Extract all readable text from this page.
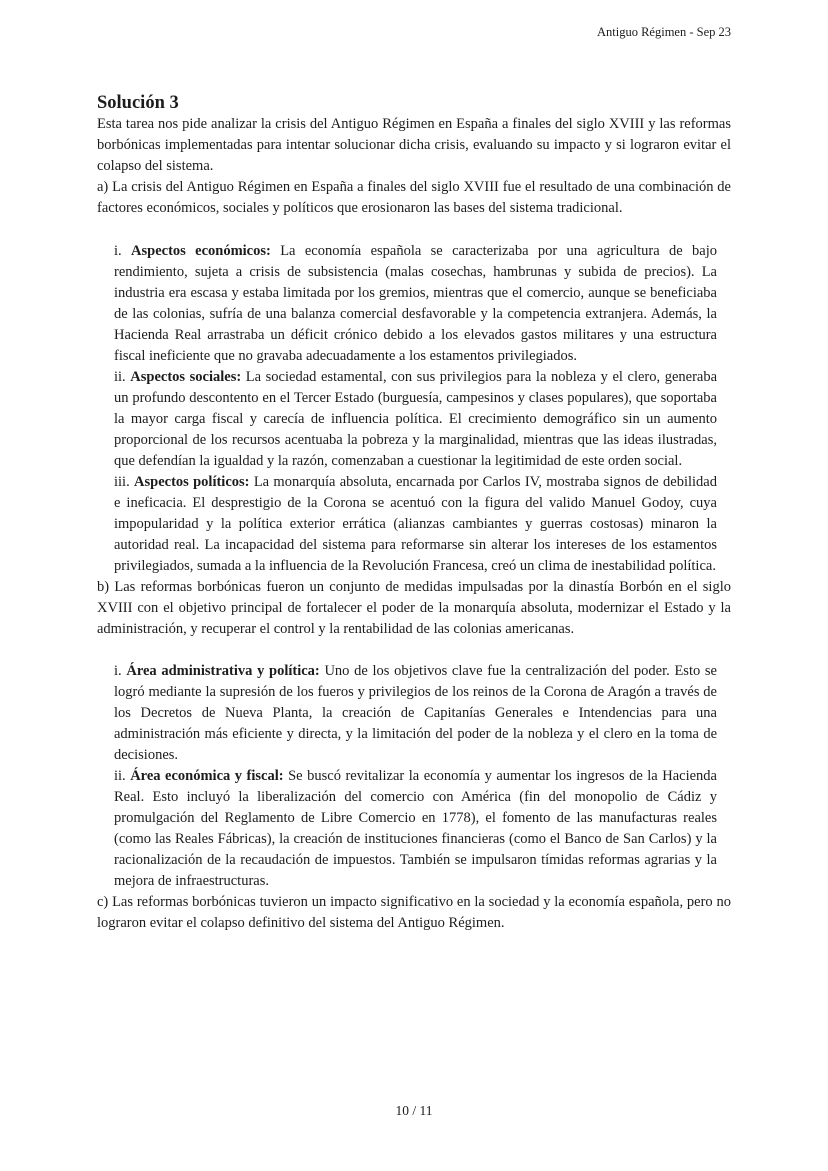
Antiguo Régimen - Sep 23
Solución 3

Esta tarea nos pide analizar la crisis del Antiguo Régimen en España a finales del siglo XVIII y las reformas borbónicas implementadas para intentar solucionar dicha crisis, evaluando su impacto y si lograron evitar el colapso del sistema.

a) La crisis del Antiguo Régimen en España a finales del siglo XVIII fue el resultado de una combinación de factores económicos, sociales y políticos que erosionaron las bases del sistema tradicional.

i. Aspectos económicos: La economía española se caracterizaba por una agricultura de bajo rendimiento, sujeta a crisis de subsistencia (malas cosechas, hambrunas y subida de precios). La industria era escasa y estaba limitada por los gremios, mientras que el comercio, aunque se beneficiaba de las colonias, sufría de una balanza comercial desfavorable y la competencia extranjera. Además, la Hacienda Real arrastraba un déficit crónico debido a los elevados gastos militares y una estructura fiscal ineficiente que no gravaba adecuadamente a los estamentos privilegiados.

ii. Aspectos sociales: La sociedad estamental, con sus privilegios para la nobleza y el clero, generaba un profundo descontento en el Tercer Estado (burguesía, campesinos y clases populares), que soportaba la mayor carga fiscal y carecía de influencia política. El crecimiento demográfico sin un aumento proporcional de los recursos acentuaba la pobreza y la marginalidad, mientras que las ideas ilustradas, que defendían la igualdad y la razón, comenzaban a cuestionar la legitimidad de este orden social.

iii. Aspectos políticos: La monarquía absoluta, encarnada por Carlos IV, mostraba signos de debilidad e ineficacia. El desprestigio de la Corona se acentuó con la figura del valido Manuel Godoy, cuya impopularidad y la política exterior errática (alianzas cambiantes y guerras costosas) minaron la autoridad real. La incapacidad del sistema para reformarse sin alterar los intereses de los estamentos privilegiados, sumada a la influencia de la Revolución Francesa, creó un clima de inestabilidad política.

b) Las reformas borbónicas fueron un conjunto de medidas impulsadas por la dinastía Borbón en el siglo XVIII con el objetivo principal de fortalecer el poder de la monarquía absoluta, modernizar el Estado y la administración, y recuperar el control y la rentabilidad de las colonias americanas.

i. Área administrativa y política: Uno de los objetivos clave fue la centralización del poder. Esto se logró mediante la supresión de los fueros y privilegios de los reinos de la Corona de Aragón a través de los Decretos de Nueva Planta, la creación de Capitanías Generales e Intendencias para una administración más eficiente y directa, y la limitación del poder de la nobleza y el clero en la toma de decisiones.

ii. Área económica y fiscal: Se buscó revitalizar la economía y aumentar los ingresos de la Hacienda Real. Esto incluyó la liberalización del comercio con América (fin del monopolio de Cádiz y promulgación del Reglamento de Libre Comercio en 1778), el fomento de las manufacturas reales (como las Reales Fábricas), la creación de instituciones financieras (como el Banco de San Carlos) y la racionalización de la recaudación de impuestos. También se impulsaron tímidas reformas agrarias y la mejora de infraestructuras.

c) Las reformas borbónicas tuvieron un impacto significativo en la sociedad y la economía española, pero no lograron evitar el colapso definitivo del sistema del Antiguo Régimen.

10 / 11
